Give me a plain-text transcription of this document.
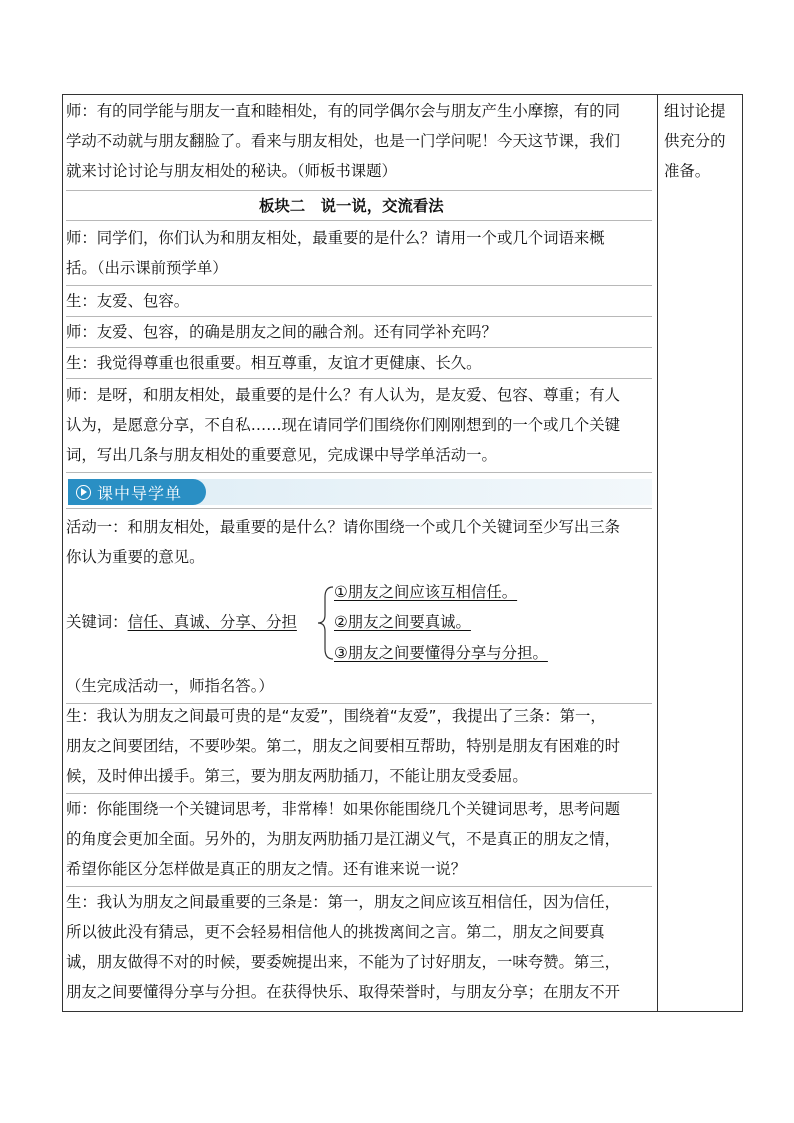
师：有的同学能与朋友一直和睦相处，有的同学偶尔会与朋友产生小摩擦，有的同
学动不动就与朋友翻脸了。看来与朋友相处，也是一门学问呢！今天这节课，我们
就来讨论讨论与朋友相处的秘诀。（师板书课题）
板块二　说一说，交流看法
师：同学们，你们认为和朋友相处，最重要的是什么？请用一个或几个词语来概
括。（出示课前预学单）
生：友爱、包容。
师：友爱、包容，的确是朋友之间的融合剂。还有同学补充吗？
生：我觉得尊重也很重要。相互尊重，友谊才更健康、长久。
师：是呀，和朋友相处，最重要的是什么？有人认为，是友爱、包容、尊重；有人
认为，是愿意分享，不自私……现在请同学们围绕你们刚刚想到的一个或几个关键
词，写出几条与朋友相处的重要意见，完成课中导学单活动一。
课中导学单
活动一：和朋友相处，最重要的是什么？请你围绕一个或几个关键词至少写出三条
你认为重要的意见。
关键词：信任、真诚、分享、分担
①朋友之间应该互相信任。
②朋友之间要真诚。
③朋友之间要懂得分享与分担。
（生完成活动一，师指名答。）
生：我认为朋友之间最可贵的是“友爱”，围绕着“友爱”，我提出了三条：第一，
朋友之间要团结，不要吵架。第二，朋友之间要相互帮助，特别是朋友有困难的时
候，及时伸出援手。第三，要为朋友两肋插刀，不能让朋友受委屈。
师：你能围绕一个关键词思考，非常棒！如果你能围绕几个关键词思考，思考问题
的角度会更加全面。另外的，为朋友两肋插刀是江湖义气，不是真正的朋友之情，
希望你能区分怎样做是真正的朋友之情。还有谁来说一说？
生：我认为朋友之间最重要的三条是：第一，朋友之间应该互相信任，因为信任，
所以彼此没有猜忌，更不会轻易相信他人的挑拨离间之言。第二，朋友之间要真
诚，朋友做得不对的时候，要委婉提出来，不能为了讨好朋友，一味夸赞。第三，
朋友之间要懂得分享与分担。在获得快乐、取得荣誉时，与朋友分享；在朋友不开
组讨论提
供充分的
准备。
